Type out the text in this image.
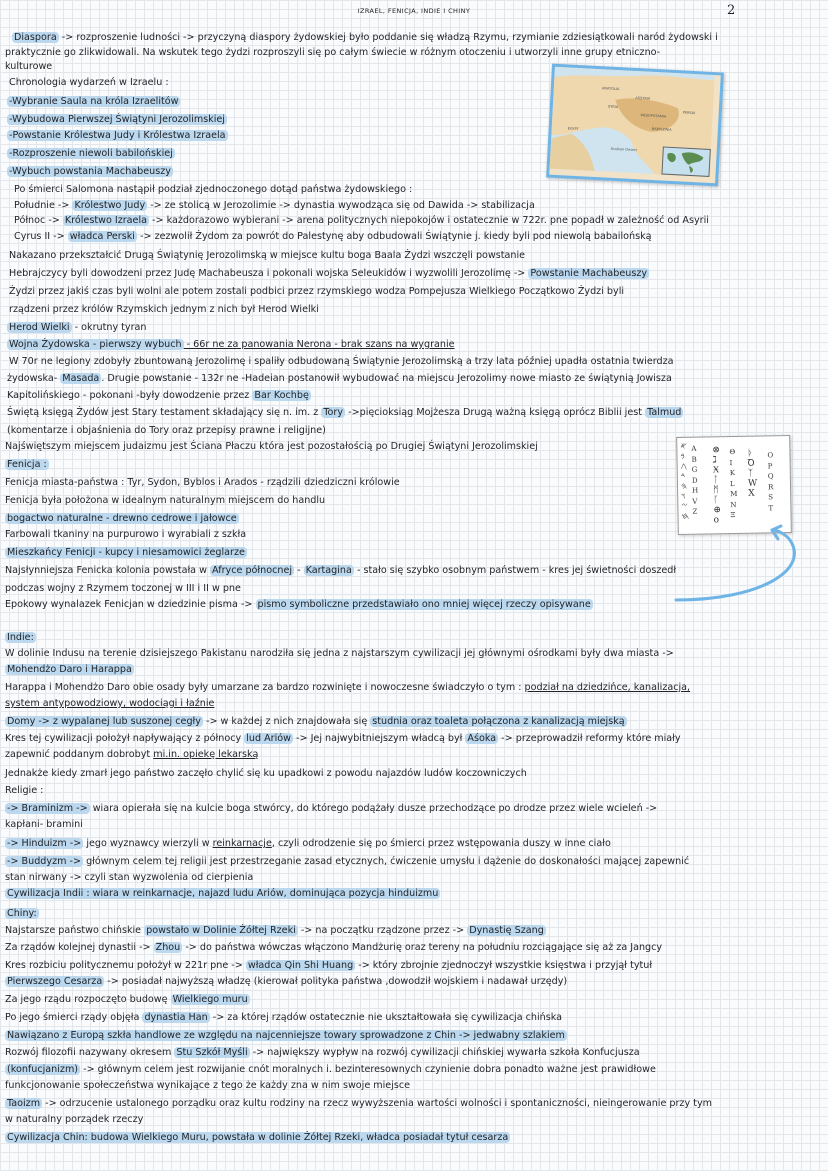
IZRAEL, FENICJA, INDIE I CHINY	2
ANATOLIA
SYRIA
ASSYRIA
MESOPOTAMIA
EGYPT
PERSIA
BABYLONIA
Arabian Desert
𐤀
𐤁
𐤂
𐤃
𐤄
𐤅
𐤆
𐤇
ABGDHVZ
⊗
ℷ
Ӿ
ᛚ
ᛗ
ᚴ
⊕
o
ΘIKLMNΞ
ᚦ
Ꝺ
ᛉ
W
X
OPQRST
Diaspora -> rozproszenie ludności -> przyczyną diaspory żydowskiej było poddanie się władzą Rzymu, rzymianie zdziesiątkowali naród żydowski i
praktycznie go zlikwidowali. Na wskutek tego żydzi rozproszyli się po całym świecie w różnym otoczeniu i utworzyli inne grupy etniczno-
kulturowe
Chronologia wydarzeń w Izraelu :
-Wybranie Saula na króla Izraelitów
-Wybudowa Pierwszej Świątyni Jerozolimskiej
-Powstanie Królestwa Judy i Królestwa Izraela
-Rozproszenie niewoli babilońskiej
-Wybuch powstania Machabeuszy
Po śmierci Salomona nastąpił podział zjednoczonego dotąd państwa żydowskiego :
Południe -> Królestwo Judy -> ze stolicą w Jerozolimie -> dynastia wywodząca się od Dawida -> stabilizacja
Północ -> Królestwo Izraela -> każdorazowo wybierani -> arena politycznych niepokojów i ostatecznie w 722r. pne popadł w zależność od Asyrii
Cyrus II -> władca Perski -> zezwolił Żydom za powrót do Palestynę aby odbudowali Świątynie j. kiedy byli pod niewolą babailońską
Nakazano przekształcić Drugą Świątynię Jerozolimską w miejsce kultu boga Baala Żydzi wszczęli powstanie
Hebrajczycy byli dowodzeni przez Judę Machabeusza i pokonali wojska Seleukidów i wyzwolili Jerozolimę -> Powstanie Machabeuszy
Żydzi przez jakiś czas byli wolni ale potem zostali podbici przez rzymskiego wodza Pompejusza Wielkiego Początkowo Żydzi byli
rządzeni przez królów Rzymskich jednym z nich był Herod Wielki
Herod Wielki - okrutny tyran
Wojna Żydowska - pierwszy wybuch - 66r ne za panowania Nerona - brak szans na wygranie
W 70r ne legiony zdobyły zbuntowaną Jerozolimę i spaliły odbudowaną Świątynie Jerozolimską a trzy lata później upadła ostatnia twierdza
żydowska- Masada . Drugie powstanie - 132r ne -Hadeian postanowił wybudować na miejscu Jerozolimy nowe miasto ze świątynią Jowisza
Kapitolińskiego - pokonani -były dowodzenie przez Bar Kochbę
Świętą księgą Żydów jest Stary testament składający się n. im. z Tory ->pięcioksiąg Mojżesza Drugą ważną księgą oprócz Biblii jest Talmud
(komentarze i objaśnienia do Tory oraz przepisy prawne i religijne)
Najświętszym miejscem judaizmu jest Ściana Płaczu która jest pozostałością po Drugiej Świątyni Jerozolimskiej
Fenicja :
Fenicja miasta-państwa : Tyr, Sydon, Byblos i Arados - rządzili dziedziczni królowie
Fenicja była położona w idealnym naturalnym miejscem do handlu
bogactwo naturalne - drewno cedrowe i jałowce
Farbowali tkaniny na purpurowo i wyrabiali z szkła
Mieszkańcy Fenicji - kupcy i niesamowici żeglarze
Najsłynniejsza Fenicka kolonia powstała w Afryce północnej - Kartagina - stało się szybko osobnym państwem - kres jej świetności doszedł
podczas wojny z Rzymem toczonej w III i II w pne
Epokowy wynalazek Fenicjan w dziedzinie pisma -> pismo symboliczne przedstawiało ono mniej więcej rzeczy opisywane
Indie:
W dolinie Indusu na terenie dzisiejszego Pakistanu narodziła się jedna z najstarszym cywilizacji jej głównymi ośrodkami były dwa miasta ->
Mohendżo Daro i Harappa
Harappa i Mohendżo Daro obie osady były umarzane za bardzo rozwinięte i nowoczesne świadczyło o tym : podział na dziedzińce, kanalizacja,
system antypowodziowy, wodociągi i łaźnie
Domy -> z wypalanej lub suszonej cegły -> w każdej z nich znajdowała się studnia oraz toaleta połączona z kanalizacją miejską
Kres tej cywilizacji położył napływający z północy lud Ariów -> Jej najwybitniejszym władcą był Aśoka -> przeprowadził reformy które miały
zapewnić poddanym dobrobyt mi.in. opiekę lekarską
Jednakże kiedy zmarł jego państwo zaczęło chylić się ku upadkowi z powodu najazdów ludów koczowniczych
Religie :
-> Braminizm -> wiara opierała się na kulcie boga stwórcy, do którego podążały dusze przechodzące po drodze przez wiele wcieleń ->
kapłani- bramini
-> Hinduizm -> jego wyznawcy wierzyli w reinkarnacje, czyli odrodzenie się po śmierci przez wstępowania duszy w inne ciało
-> Buddyzm -> głównym celem tej religii jest przestrzeganie zasad etycznych, ćwiczenie umysłu i dążenie do doskonałości mającej zapewnić
stan nirwany -> czyli stan wyzwolenia od cierpienia
Cywilizacja Indii : wiara w reinkarnacje, najazd ludu Ariów, dominująca pozycja hinduizmu
Chiny:
Najstarsze państwo chińskie powstało w Dolinie Żółtej Rzeki -> na początku rządzone przez -> Dynastię Szang
Za rządów kolejnej dynastii -> Zhou -> do państwa wówczas włączono Mandżurię oraz tereny na południu rozciągające się aż za Jangcy
Kres rozbiciu politycznemu położył w 221r pne -> władca Qin Shi Huang -> który zbrojnie zjednoczył wszystkie księstwa i przyjął tytuł
Pierwszego Cesarza -> posiadał najwyższą władzę (kierował polityka państwa ,dowodził wojskiem i nadawał urzędy)
Za jego rządu rozpoczęto budowę Wielkiego muru
Po jego śmierci rządy objęła dynastia Han -> za której rządów ostatecznie nie ukształtowała się cywilizacja chińska
Nawiązano z Europą szkła handlowe ze względu na najcenniejsze towary sprowadzone z Chin -> jedwabny szlakiem
Rozwój filozofii nazywany okresem Stu Szkół Myśli -> największy wypływ na rozwój cywilizacji chińskiej wywarła szkoła Konfucjusza
(konfucjanizm) -> głównym celem jest rozwijanie cnót moralnych i. bezinteresownych czynienie dobra ponadto ważne jest prawidłowe
funkcjonowanie społeczeństwa wynikające z tego że każdy zna w nim swoje miejsce
Taoizm -> odrzucenie ustalonego porządku oraz kultu rodziny na rzecz wywyższenia wartości wolności i spontaniczności, nieingerowanie przy tym
w naturalny porządek rzeczy
Cywilizacja Chin: budowa Wielkiego Muru, powstała w dolinie Żółtej Rzeki, władca posiadał tytuł cesarza
